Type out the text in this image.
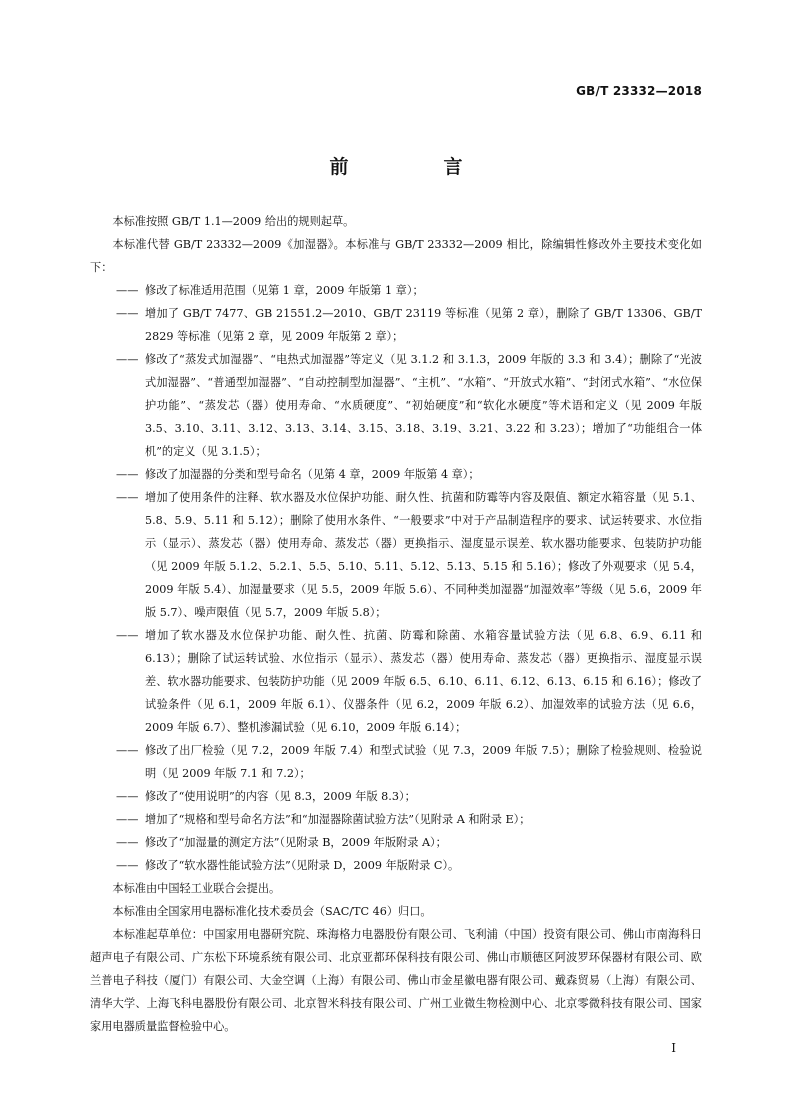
GB/T 23332—2018
前　言

本标准按照 GB/T 1.1—2009 给出的规则起草。

本标准代替 GB/T 23332—2009《加湿器》。本标准与 GB/T 23332—2009 相比，除编辑性修改外主要技术变化如下：

—— 修改了标准适用范围（见第 1 章，2009 年版第 1 章）；

—— 增加了 GB/T 7477、GB 21551.2—2010、GB/T 23119 等标准（见第 2 章），删除了 GB/T 13306、GB/T 2829 等标准（见第 2 章，见 2009 年版第 2 章）；

—— 修改了“蒸发式加湿器”、“电热式加湿器”等定义（见 3.1.2 和 3.1.3，2009 年版的 3.3 和 3.4）；删除了“光波式加湿器”、“普通型加湿器”、“自动控制型加湿器”、“主机”、“水箱”、“开放式水箱”、“封闭式水箱”、“水位保护功能”、“蒸发芯（器）使用寿命、“水质硬度”、“初始硬度”和“软化水硬度”等术语和定义（见 2009 年版 3.5、3.10、3.11、3.12、3.13、3.14、3.15、3.18、3.19、3.21、3.22 和 3.23）；增加了“功能组合一体机”的定义（见 3.1.5）；

—— 修改了加湿器的分类和型号命名（见第 4 章，2009 年版第 4 章）；

—— 增加了使用条件的注释、软水器及水位保护功能、耐久性、抗菌和防霉等内容及限值、额定水箱容量（见 5.1、5.8、5.9、5.11 和 5.12）；删除了使用水条件、“一般要求”中对于产品制造程序的要求、试运转要求、水位指示（显示）、蒸发芯（器）使用寿命、蒸发芯（器）更换指示、湿度显示误差、软水器功能要求、包装防护功能（见 2009 年版 5.1.2、5.2.1、5.5、5.10、5.11、5.12、5.13、5.15 和 5.16）；修改了外观要求（见 5.4，2009 年版 5.4）、加湿量要求（见 5.5，2009 年版 5.6）、不同种类加湿器“加湿效率”等级（见 5.6，2009 年版 5.7）、噪声限值（见 5.7，2009 年版 5.8）；

—— 增加了软水器及水位保护功能、耐久性、抗菌、防霉和除菌、水箱容量试验方法（见 6.8、6.9、6.11 和 6.13）；删除了试运转试验、水位指示（显示）、蒸发芯（器）使用寿命、蒸发芯（器）更换指示、湿度显示误差、软水器功能要求、包装防护功能（见 2009 年版 6.5、6.10、6.11、6.12、6.13、6.15 和 6.16）；修改了试验条件（见 6.1，2009 年版 6.1）、仪器条件（见 6.2，2009 年版 6.2）、加湿效率的试验方法（见 6.6，2009 年版 6.7）、整机渗漏试验（见 6.10，2009 年版 6.14）；

—— 修改了出厂检验（见 7.2，2009 年版 7.4）和型式试验（见 7.3，2009 年版 7.5）；删除了检验规则、检验说明（见 2009 年版 7.1 和 7.2）；

—— 修改了“使用说明”的内容（见 8.3，2009 年版 8.3）；

—— 增加了“规格和型号命名方法”和“加湿器除菌试验方法”（见附录 A 和附录 E）；

—— 修改了“加湿量的测定方法”（见附录 B，2009 年版附录 A）；

—— 修改了“软水器性能试验方法”（见附录 D，2009 年版附录 C）。

本标准由中国轻工业联合会提出。

本标准由全国家用电器标准化技术委员会（SAC/TC 46）归口。

本标准起草单位：中国家用电器研究院、珠海格力电器股份有限公司、飞利浦（中国）投资有限公司、佛山市南海科日超声电子有限公司、广东松下环境系统有限公司、北京亚都环保科技有限公司、佛山市顺德区阿波罗环保器材有限公司、欧兰普电子科技（厦门）有限公司、大金空调（上海）有限公司、佛山市金星徽电器有限公司、戴森贸易（上海）有限公司、清华大学、上海飞科电器股份有限公司、北京智米科技有限公司、广州工业微生物检测中心、北京零微科技有限公司、国家家用电器质量监督检验中心。

I
